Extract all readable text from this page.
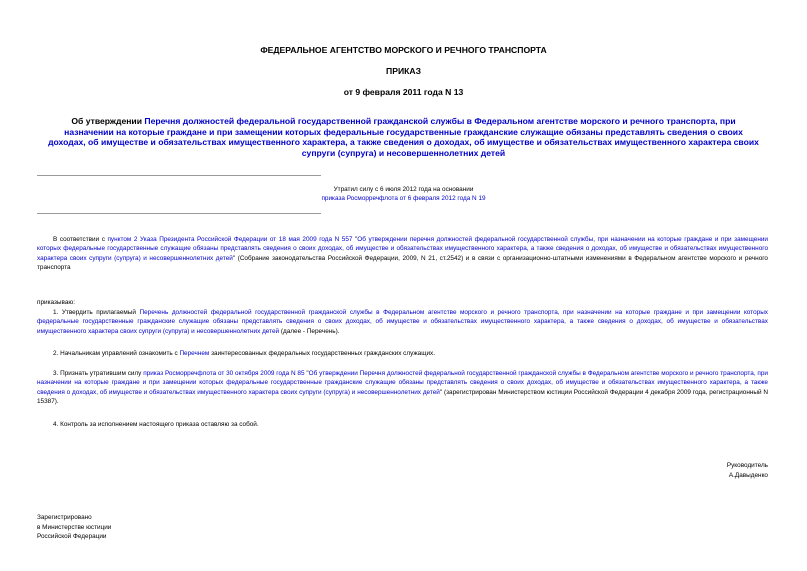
ФЕДЕРАЛЬНОЕ АГЕНТСТВО МОРСКОГО И РЕЧНОГО ТРАНСПОРТА
ПРИКАЗ
от 9 февраля 2011 года N 13
Об утверждении Перечня должностей федеральной государственной гражданской службы в Федеральном агентстве морского и речного транспорта, при назначении на которые граждане и при замещении которых федеральные государственные гражданские служащие обязаны представлять сведения о своих доходах, об имуществе и обязательствах имущественного характера, а также сведения о доходах, об имуществе и обязательствах имущественного характера своих супруги (супруга) и несовершеннолетних детей
Утратил силу с 6 июля 2012 года на основании
приказа Росморречфлота от 6 февраля 2012 года N 19
В соответствии с пунктом 2 Указа Президента Российской Федерации от 18 мая 2009 года N 557 "Об утверждении перечня должностей федеральной государственной службы, при назначении на которые граждане и при замещении которых федеральные государственные служащие обязаны представлять сведения о своих доходах, об имуществе и обязательствах имущественного характера, а также сведения о доходах, об имуществе и обязательствах имущественного характера своих супруги (супруга) и несовершеннолетних детей" (Собрание законодательства Российской Федерации, 2009, N 21, ст.2542) и в связи с организационно-штатными изменениями в Федеральном агентстве морского и речного транспорта
приказываю:
1. Утвердить прилагаемый Перечень должностей федеральной государственной гражданской службы в Федеральном агентстве морского и речного транспорта, при назначении на которые граждане и при замещении которых федеральные государственные гражданские служащие обязаны представлять сведения о своих доходах, об имуществе и обязательствах имущественного характера, а также сведения о доходах, об имуществе и обязательствах имущественного характера своих супруги (супруга) и несовершеннолетних детей (далее - Перечень).
2. Начальникам управлений ознакомить с Перечнем заинтересованных федеральных государственных гражданских служащих.
3. Признать утратившим силу приказ Росморречфлота от 30 октября 2009 года N 85 "Об утверждении Перечня должностей федеральной государственной гражданской службы в Федеральном агентстве морского и речного транспорта, при назначении на которые граждане и при замещении которых федеральные государственные гражданские служащие обязаны представлять сведения о своих доходах, об имуществе и обязательствах имущественного характера, а также сведения о доходах, об имуществе и обязательствах имущественного характера своих супруги (супруга) и несовершеннолетних детей" (зарегистрирован Министерством юстиции Российской Федерации 4 декабря 2009 года, регистрационный N 15387).
4. Контроль за исполнением настоящего приказа оставляю за собой.
Руководитель
А.Давыденко
Зарегистрировано
в Министерстве юстиции
Российской Федерации
